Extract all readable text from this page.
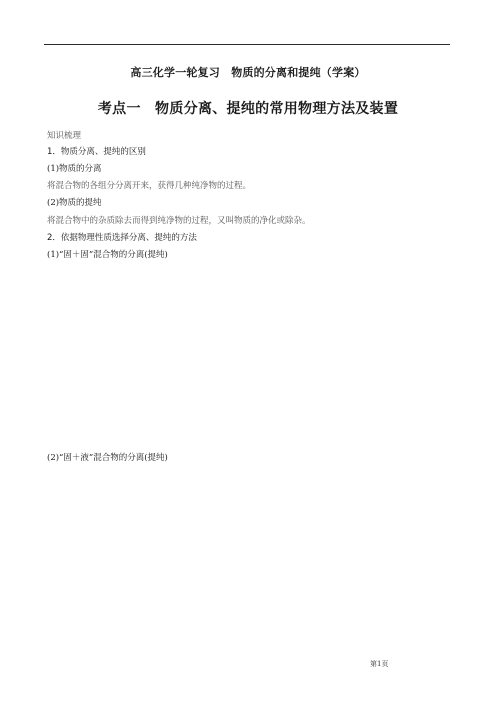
高三化学一轮复习　物质的分离和提纯（学案）
考点一　物质分离、提纯的常用物理方法及装置
知识梳理
1．物质分离、提纯的区别
(1)物质的分离
将混合物的各组分分离开来，获得几种纯净物的过程。
(2)物质的提纯
将混合物中的杂质除去而得到纯净物的过程，又叫物质的净化或除杂。
2．依据物理性质选择分离、提纯的方法
(1)“固＋固”混合物的分离(提纯)
(2)“固＋液”混合物的分离(提纯)
第1页
